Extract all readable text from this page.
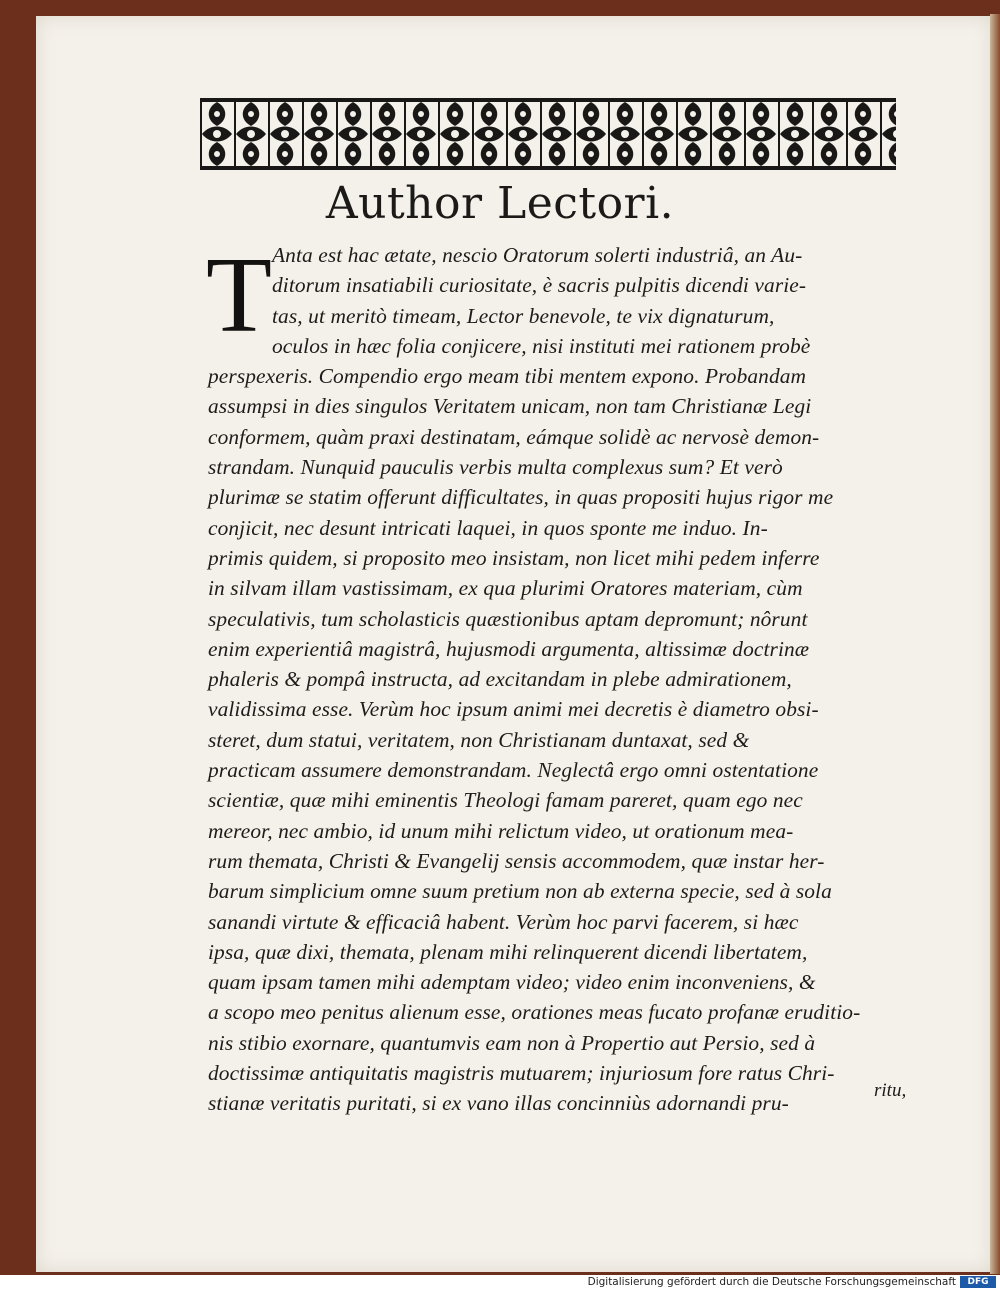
Author Lectori.
T Anta est hac ætate, nescio Oratorum solerti industriâ, an Au-
ditorum insatiabili curiositate, è sacris pulpitis dicendi varie-
tas, ut meritò timeam, Lector benevole, te vix dignaturum,
oculos in hæc folia conjicere, nisi instituti mei rationem probè
perspexeris. Compendio ergo meam tibi mentem expono. Probandam
assumpsi in dies singulos Veritatem unicam, non tam Christianæ Legi
conformem, quàm praxi destinatam, eámque solidè ac nervosè demon-
strandam. Nunquid pauculis verbis multa complexus sum? Et verò
plurimæ se statim offerunt difficultates, in quas propositi hujus rigor me
conjicit, nec desunt intricati laquei, in quos sponte me induo. In-
primis quidem, si proposito meo insistam, non licet mihi pedem inferre
in silvam illam vastissimam, ex qua plurimi Oratores materiam, cùm
speculativis, tum scholasticis quæstionibus aptam depromunt; nôrunt
enim experientiâ magistrâ, hujusmodi argumenta, altissimæ doctrinæ
phaleris & pompâ instructa, ad excitandam in plebe admirationem,
validissima esse. Verùm hoc ipsum animi mei decretis è diametro obsi-
steret, dum statui, veritatem, non Christianam duntaxat, sed &
practicam assumere demonstrandam. Neglectâ ergo omni ostentatione
scientiæ, quæ mihi eminentis Theologi famam pareret, quam ego nec
mereor, nec ambio, id unum mihi relictum video, ut orationum mea-
rum themata, Christi & Evangelij sensis accommodem, quæ instar her-
barum simplicium omne suum pretium non ab externa specie, sed à sola
sanandi virtute & efficaciâ habent. Verùm hoc parvi facerem, si hæc
ipsa, quæ dixi, themata, plenam mihi relinquerent dicendi libertatem,
quam ipsam tamen mihi ademptam video; video enim inconveniens, &
a scopo meo penitus alienum esse, orationes meas fucato profanæ eruditio-
nis stibio exornare, quantumvis eam non à Propertio aut Persio, sed à
doctissimæ antiquitatis magistris mutuarem; injuriosum fore ratus Chri-
stianæ veritatis puritati, si ex vano illas concinniùs adornandi pru-
ritu,
Digitalisierung gefördert durch die Deutsche Forschungsgemeinschaft	DFG
